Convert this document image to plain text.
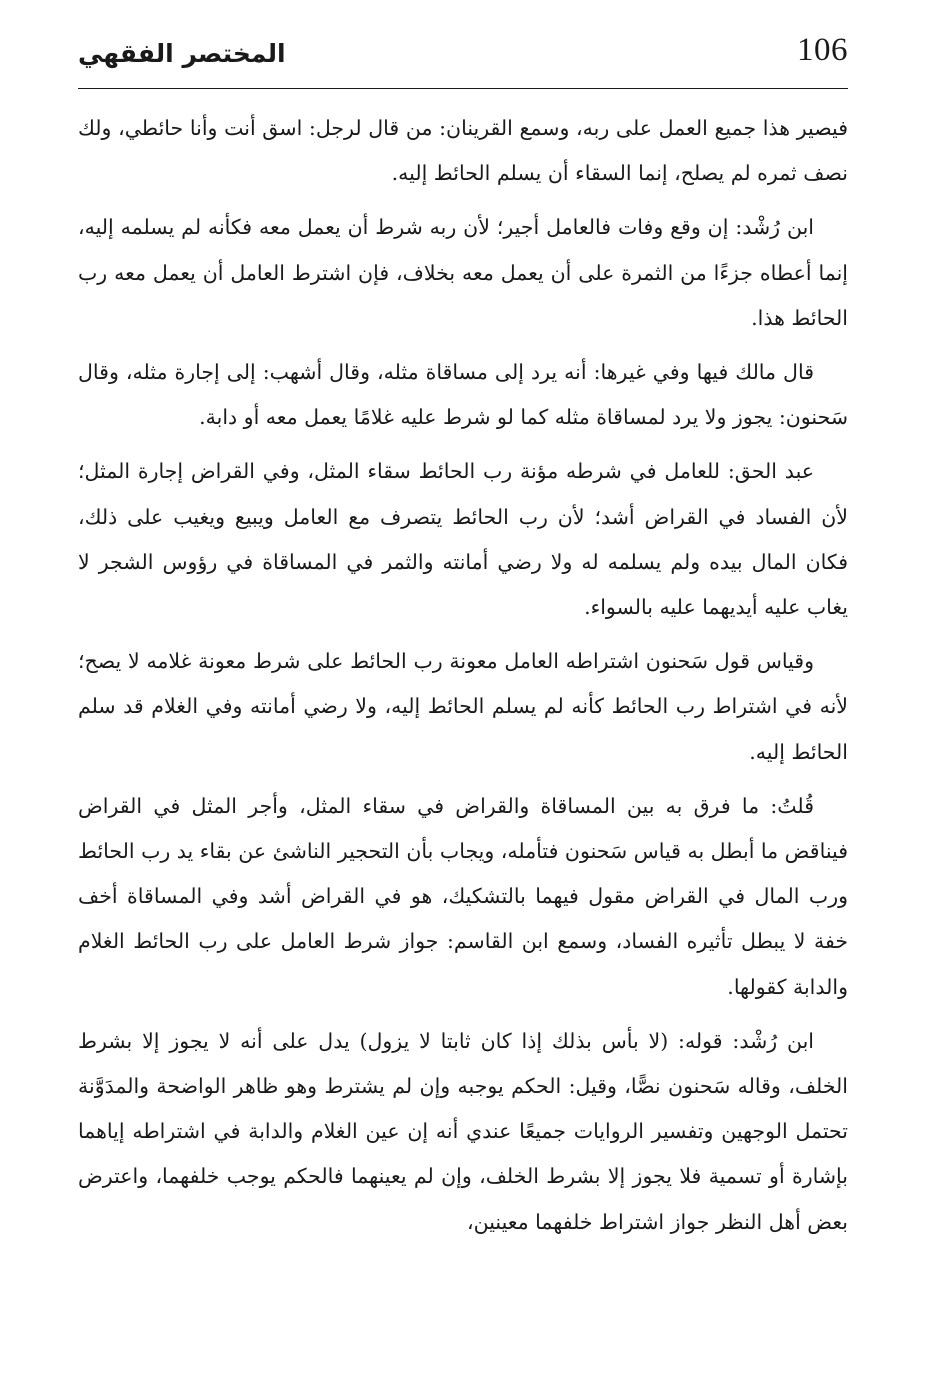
106
المختصر الفقهي

فيصير هذا جميع العمل على ربه، وسمع القرينان: من قال لرجل: اسق أنت وأنا حائطي، ولك نصف ثمره لم يصلح، إنما السقاء أن يسلم الحائط إليه.

ابن رُشْد: إن وقع وفات فالعامل أجير؛ لأن ربه شرط أن يعمل معه فكأنه لم يسلمه إليه، إنما أعطاه جزءًا من الثمرة على أن يعمل معه بخلاف، فإن اشترط العامل أن يعمل معه رب الحائط هذا.

قال مالك فيها وفي غيرها: أنه يرد إلى مساقاة مثله، وقال أشهب: إلى إجارة مثله، وقال سَحنون: يجوز ولا يرد لمساقاة مثله كما لو شرط عليه غلامًا يعمل معه أو دابة.

عبد الحق: للعامل في شرطه مؤنة رب الحائط سقاء المثل، وفي القراض إجارة المثل؛ لأن الفساد في القراض أشد؛ لأن رب الحائط يتصرف مع العامل ويبيع ويغيب على ذلك، فكان المال بيده ولم يسلمه له ولا رضي أمانته والثمر في المساقاة في رؤوس الشجر لا يغاب عليه أيديهما عليه بالسواء.

وقياس قول سَحنون اشتراطه العامل معونة رب الحائط على شرط معونة غلامه لا يصح؛ لأنه في اشتراط رب الحائط كأنه لم يسلم الحائط إليه، ولا رضي أمانته وفي الغلام قد سلم الحائط إليه.

قُلتُ: ما فرق به بين المساقاة والقراض في سقاء المثل، وأجر المثل في القراض فيناقض ما أبطل به قياس سَحنون فتأمله، ويجاب بأن التحجير الناشئ عن بقاء يد رب الحائط ورب المال في القراض مقول فيهما بالتشكيك، هو في القراض أشد وفي المساقاة أخف خفة لا يبطل تأثيره الفساد، وسمع ابن القاسم: جواز شرط العامل على رب الحائط الغلام والدابة كقولها.

ابن رُشْد: قوله: (لا بأس بذلك إذا كان ثابتا لا يزول) يدل على أنه لا يجوز إلا بشرط الخلف، وقاله سَحنون نصًّا، وقيل: الحكم يوجبه وإن لم يشترط وهو ظاهر الواضحة والمدَوَّنة تحتمل الوجهين وتفسير الروايات جميعًا عندي أنه إن عين الغلام والدابة في اشتراطه إياهما بإشارة أو تسمية فلا يجوز إلا بشرط الخلف، وإن لم يعينهما فالحكم يوجب خلفهما، واعترض بعض أهل النظر جواز اشتراط خلفهما معينين،
